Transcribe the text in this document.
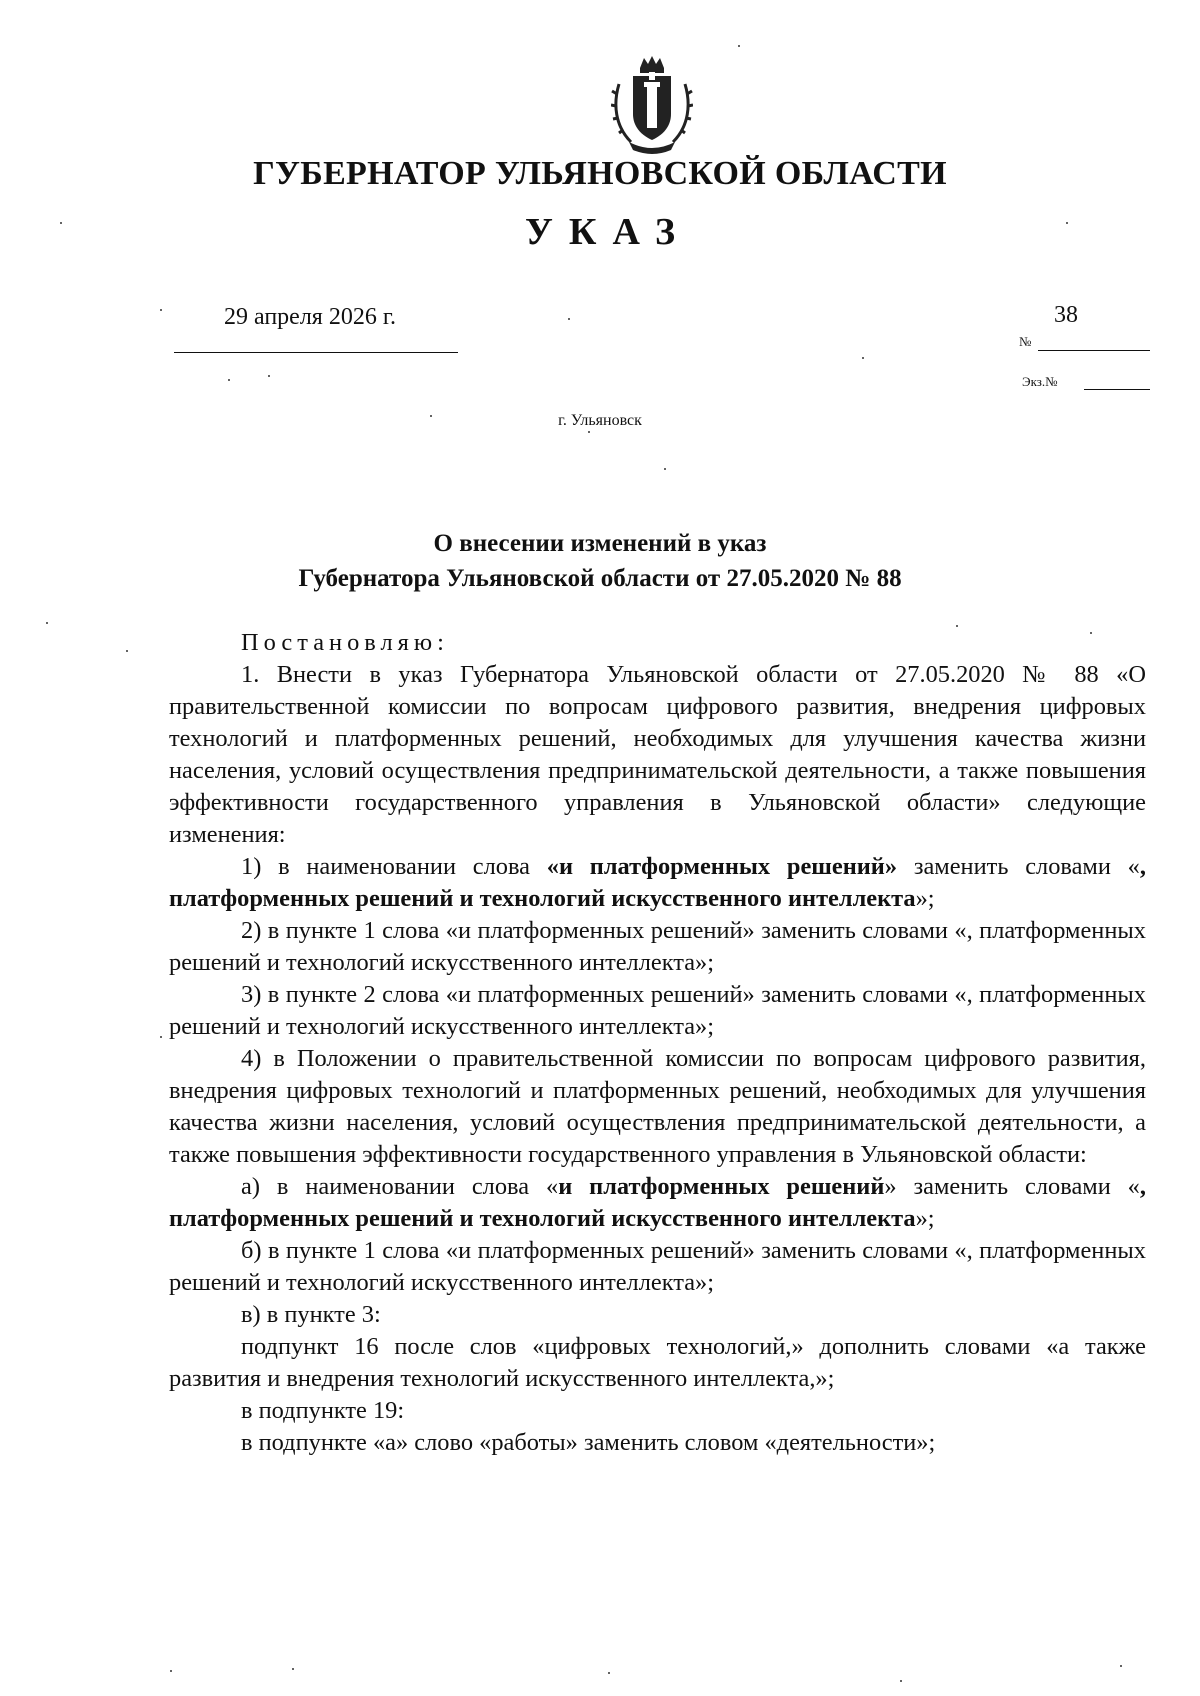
ГУБЕРНАТОР УЛЬЯНОВСКОЙ ОБЛАСТИ
УКАЗ
29 апреля 2026 г.	38
№
Экз.№
г. Ульяновск
О внесении изменений в указ
Губернатора Ульяновской области от 27.05.2020 № 88

Постановляю:

1. Внести в указ Губернатора Ульяновской области от 27.05.2020 № 88 «О правительственной комиссии по вопросам цифрового развития, внедрения цифровых технологий и платформенных решений, необходимых для улучшения качества жизни населения, условий осуществления предпринимательской деятельности, а также повышения эффективности государственного управления в Ульяновской области» следующие изменения:

1) в наименовании слова «и платформенных решений» заменить словами «, платформенных решений и технологий искусственного интеллекта»;

2) в пункте 1 слова «и платформенных решений» заменить словами «, платформенных решений и технологий искусственного интеллекта»;

3) в пункте 2 слова «и платформенных решений» заменить словами «, платформенных решений и технологий искусственного интеллекта»;

4) в Положении о правительственной комиссии по вопросам цифрового развития, внедрения цифровых технологий и платформенных решений, необходимых для улучшения качества жизни населения, условий осуществления предпринимательской деятельности, а также повышения эффективности государственного управления в Ульяновской области:

а) в наименовании слова «и платформенных решений» заменить словами «, платформенных решений и технологий искусственного интеллекта»;

б) в пункте 1 слова «и платформенных решений» заменить словами «, платформенных решений и технологий искусственного интеллекта»;

в) в пункте 3:

подпункт 16 после слов «цифровых технологий,» дополнить словами «а также развития и внедрения технологий искусственного интеллекта,»;

в подпункте 19:

в подпункте «а» слово «работы» заменить словом «деятельности»;
